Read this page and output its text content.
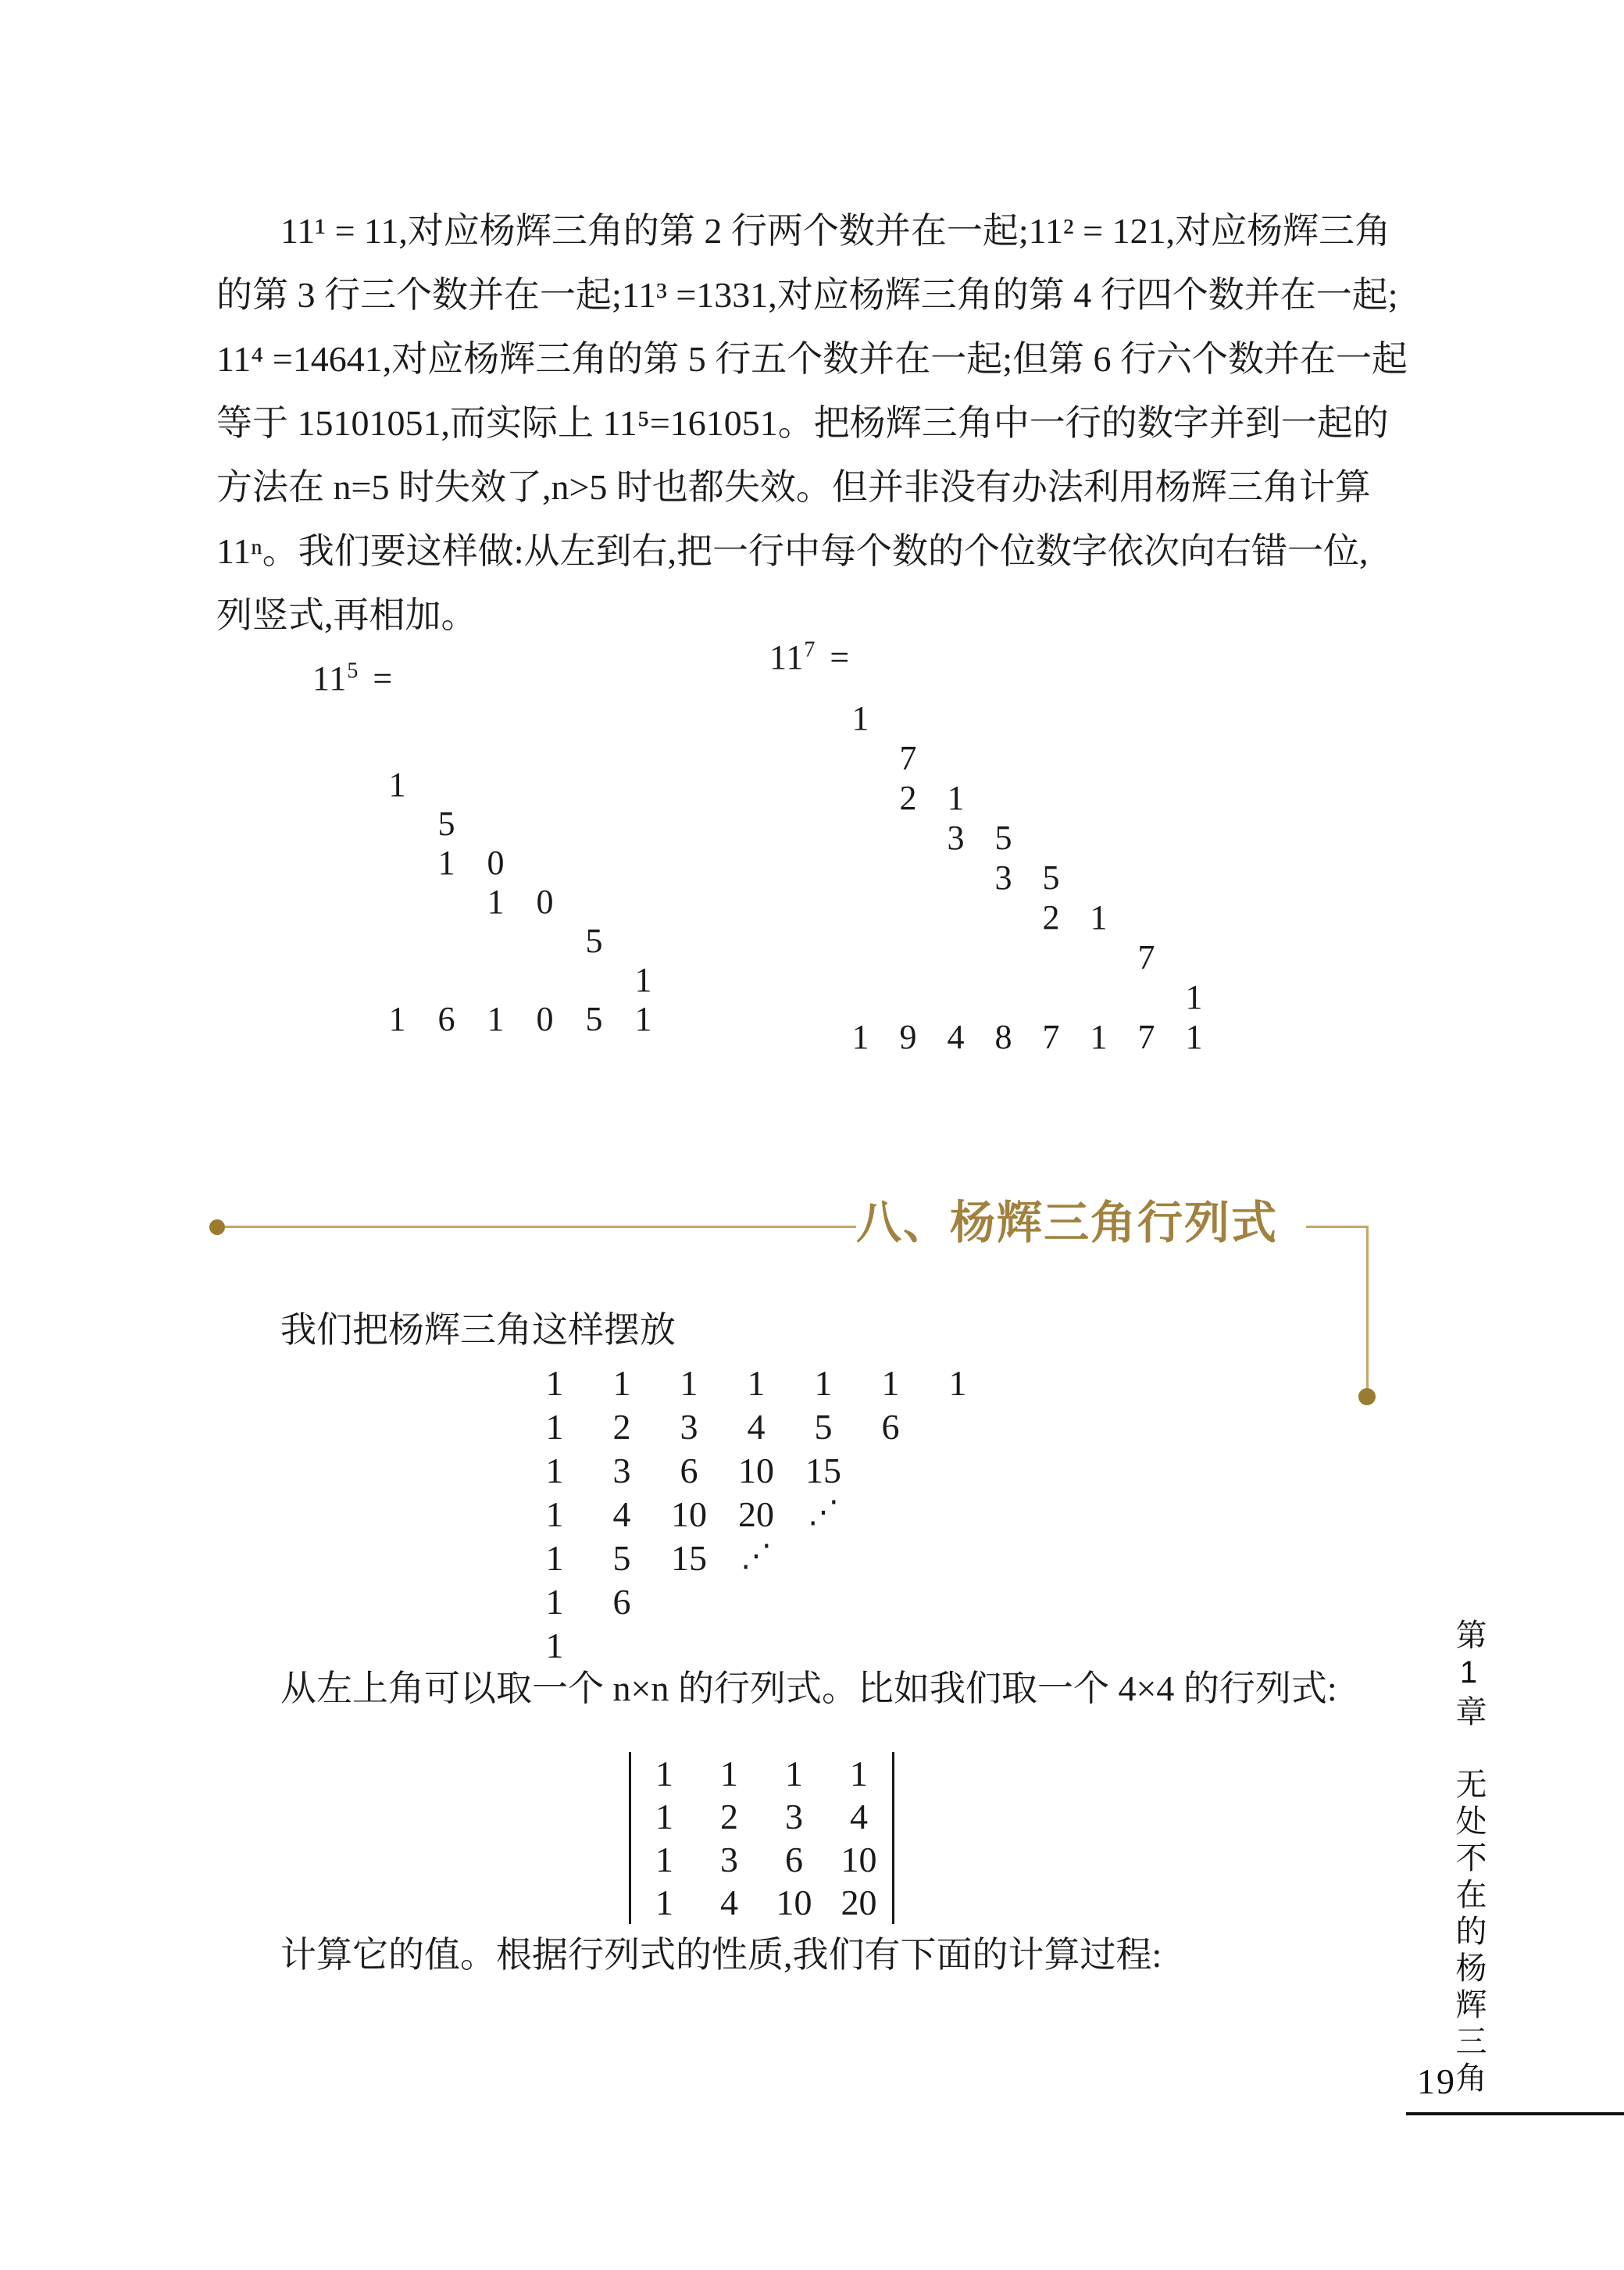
11¹ = 11,对应杨辉三角的第 2 行两个数并在一起;11² = 121,对应杨辉三角
的第 3 行三个数并在一起;11³ =1331,对应杨辉三角的第 4 行四个数并在一起;
11⁴ =14641,对应杨辉三角的第 5 行五个数并在一起;但第 6 行六个数并在一起
等于 15101051,而实际上 11⁵=161051。把杨辉三角中一行的数字并到一起的
方法在 n=5 时失效了,n>5 时也都失效。但并非没有办法利用杨辉三角计算
11ⁿ。我们要这样做:从左到右,把一行中每个数的个位数字依次向右错一位,
列竖式,再相加。
$11^5$ =
1
5
1 0
1 0
5
1
1 6 1 0 5 1
$11^7$ =
1
7
2 1
3 5
3 5
2 1
7
1
1 9 4 8 7 1 7 1
八、杨辉三角行列式
我们把杨辉三角这样摆放
1	1	1	1	1	1	1
1	2	3	4	5	6
1	3	6	10 15
1	4	10 20	⋰
1	5	15	⋰
1	6
1
从左上角可以取一个 n×n 的行列式。比如我们取一个 4×4 的行列式:
1	1	1	1
1	2	3	4
1	3	6	10
1	4	10 20
计算它的值。根据行列式的性质,我们有下面的计算过程:
第1章无处不在的杨辉三角
19
